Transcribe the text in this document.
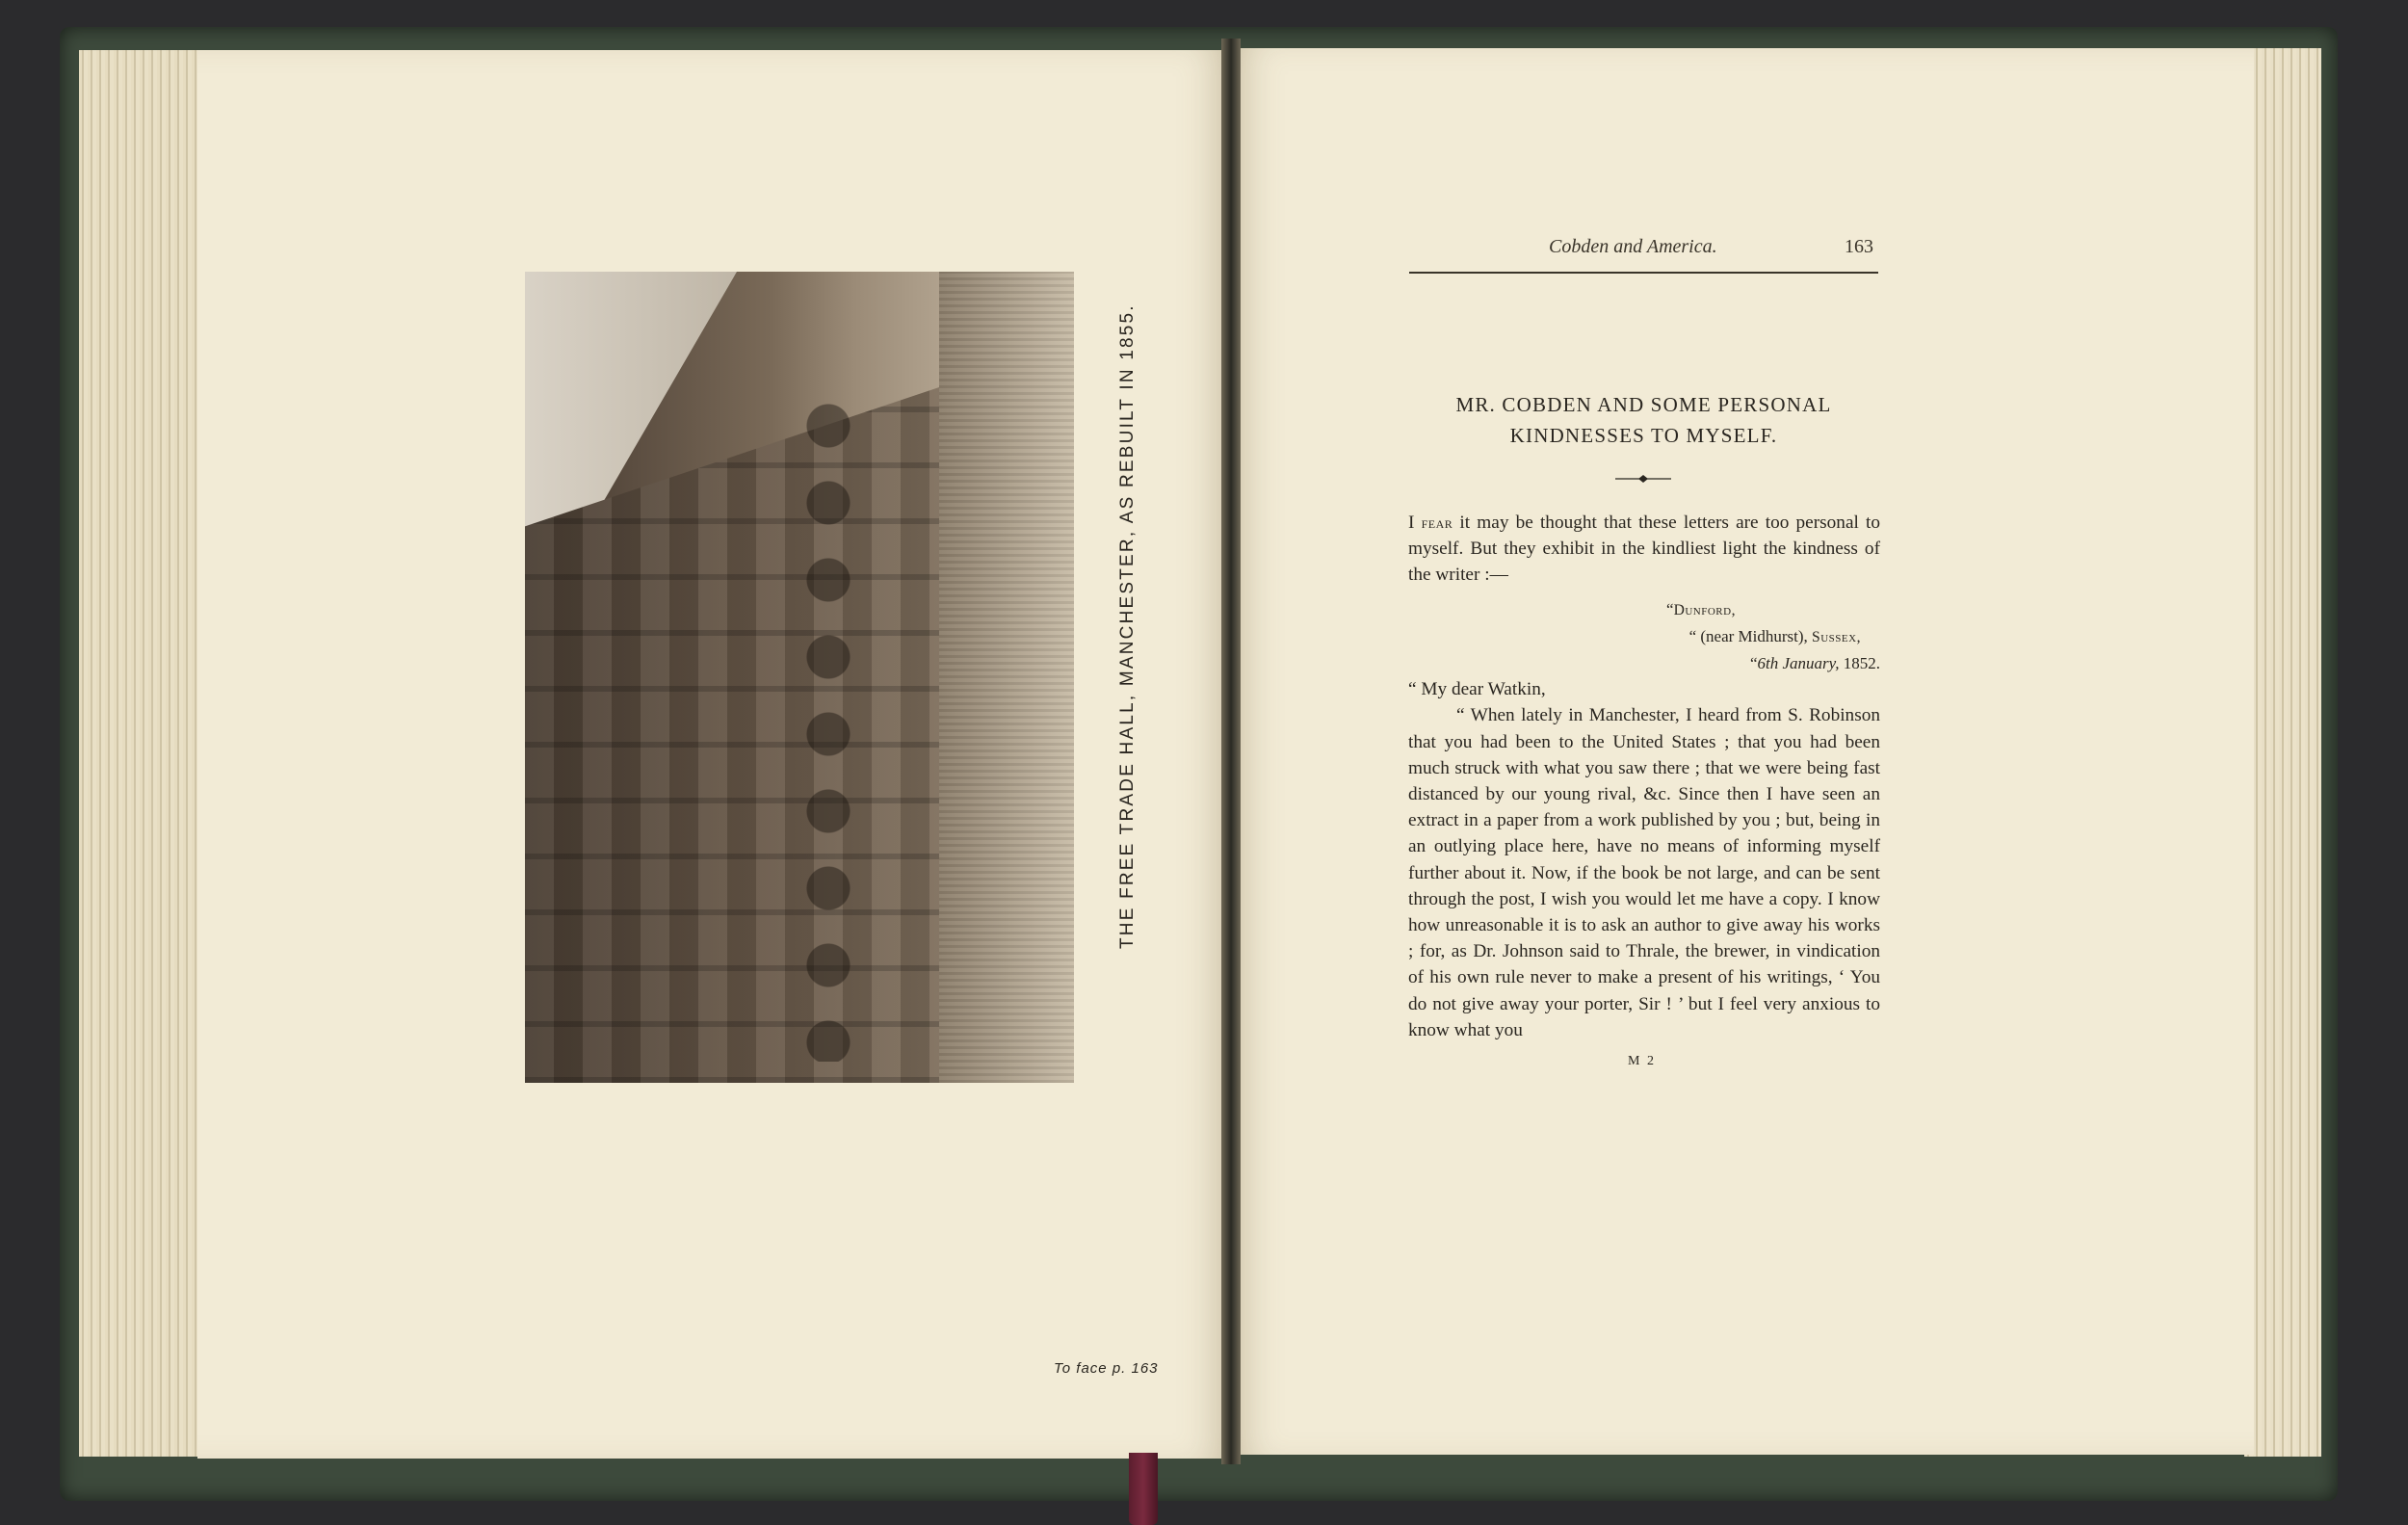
THE FREE TRADE HALL, MANCHESTER, AS REBUILT IN 1855.
To face p. 163
Cobden and America.	163
MR. COBDEN AND SOME PERSONAL
KINDNESSES TO MYSELF.

I fear it may be thought that these letters are too personal to myself. But they exhibit in the kindliest light the kindness of the writer :—

“Dunford,

“ (near Midhurst), Sussex,

“6th January, 1852.

“ My dear Watkin,

“ When lately in Manchester, I heard from S. Robinson that you had been to the United States ; that you had been much struck with what you saw there ; that we were being fast distanced by our young rival, &c. Since then I have seen an extract in a paper from a work published by you ; but, being in an outlying place here, have no means of informing myself further about it. Now, if the book be not large, and can be sent through the post, I wish you would let me have a copy. I know how unreasonable it is to ask an author to give away his works ; for, as Dr. Johnson said to Thrale, the brewer, in vindication of his own rule never to make a present of his writings, ‘ You do not give away your porter, Sir ! ’ but I feel very anxious to know what you

M 2
